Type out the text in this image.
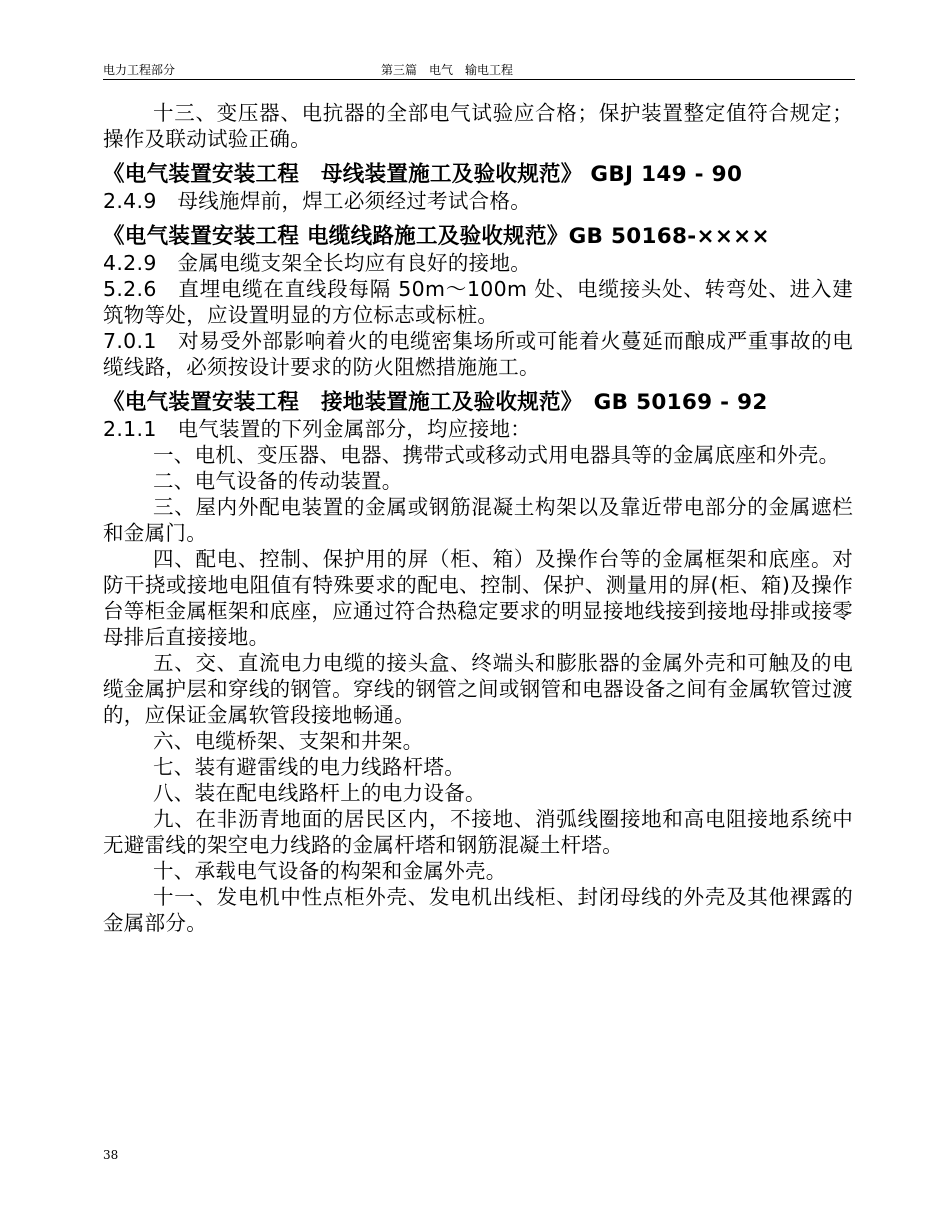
电力工程部分	第三篇　电气　输电工程

十三、变压器、电抗器的全部电气试验应合格；保护装置整定值符合规定；操作及联动试验正确。

《电气装置安装工程　母线装置施工及验收规范》 GBJ 149 - 90

2.4.9　母线施焊前，焊工必须经过考试合格。

《电气装置安装工程 电缆线路施工及验收规范》GB 50168-××××

4.2.9　金属电缆支架全长均应有良好的接地。

5.2.6　直埋电缆在直线段每隔 50m～100m 处、电缆接头处、转弯处、进入建筑物等处，应设置明显的方位标志或标桩。

7.0.1　对易受外部影响着火的电缆密集场所或可能着火蔓延而酿成严重事故的电缆线路，必须按设计要求的防火阻燃措施施工。

《电气装置安装工程　接地装置施工及验收规范》　GB 50169 - 92

2.1.1　电气装置的下列金属部分，均应接地：

一、电机、变压器、电器、携带式或移动式用电器具等的金属底座和外壳。

二、电气设备的传动装置。

三、屋内外配电装置的金属或钢筋混凝土构架以及靠近带电部分的金属遮栏和金属门。

四、配电、控制、保护用的屏（柜、箱）及操作台等的金属框架和底座。对防干挠或接地电阻值有特殊要求的配电、控制、保护、测量用的屏(柜、箱)及操作台等柜金属框架和底座，应通过符合热稳定要求的明显接地线接到接地母排或接零母排后直接接地。

五、交、直流电力电缆的接头盒、终端头和膨胀器的金属外壳和可触及的电缆金属护层和穿线的钢管。穿线的钢管之间或钢管和电器设备之间有金属软管过渡的，应保证金属软管段接地畅通。

六、电缆桥架、支架和井架。

七、装有避雷线的电力线路杆塔。

八、装在配电线路杆上的电力设备。

九、在非沥青地面的居民区内，不接地、消弧线圈接地和高电阻接地系统中无避雷线的架空电力线路的金属杆塔和钢筋混凝土杆塔。

十、承载电气设备的构架和金属外壳。

十一、发电机中性点柜外壳、发电机出线柜、封闭母线的外壳及其他裸露的金属部分。

38
